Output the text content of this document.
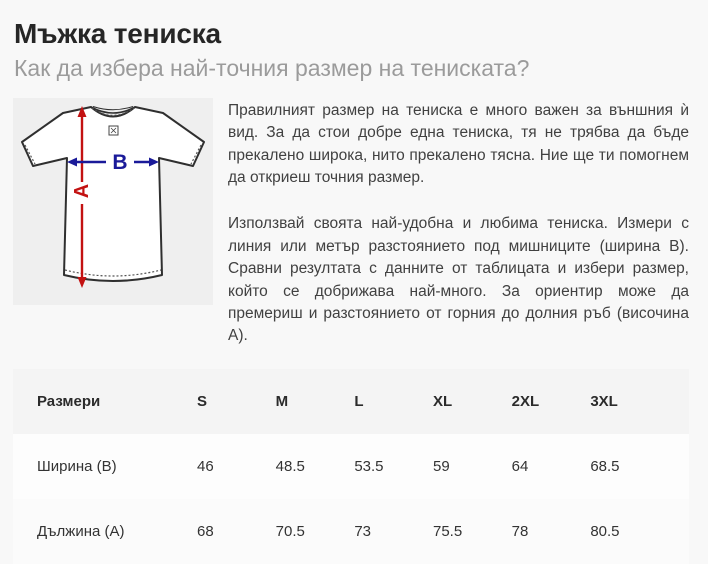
Мъжка тениска
Как да избера най-точния размер на тениската?
А
B

Правилният размер на тениска е много важен за външния ѝ вид. За да стои добре една тениска, тя не трябва да бъде прекалено широка, нито прекалено тясна. Ние ще ти помогнем да откриеш точния размер.

Използвай своята най-удобна и любима тениска. Измери с линия или метър разстоянието под мишниците (ширина B). Сравни резултата с данните от таблицата и избери размер, който се добрижава най-много. За ориентир може да премериш и разстоянието от горния до долния ръб (височина А).

Размери	S	M	L	XL	2XL	3XL
Ширина (B)	46	48.5	53.5	59	64	68.5
Дължина (A)	68	70.5	73	75.5	78	80.5
